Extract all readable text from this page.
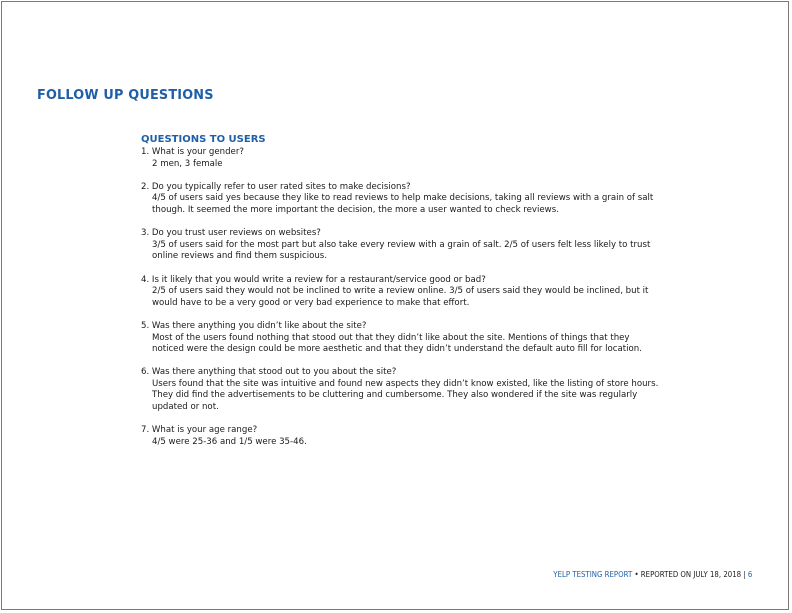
FOLLOW UP QUESTIONS
QUESTIONS TO USERS
1. What is your gender?
2 men, 3 female
2. Do you typically refer to user rated sites to make decisions?
4/5 of users said yes because they like to read reviews to help make decisions, taking all reviews with a grain of salt though. It seemed the more important the decision, the more a user wanted to check reviews.
3. Do you trust user reviews on websites?
3/5 of users said for the most part but also take every review with a grain of salt. 2/5 of users felt less likely to trust online reviews and find them suspicious.
4. Is it likely that you would write a review for a restaurant/service good or bad?
2/5 of users said they would not be inclined to write a review online. 3/5 of users said they would be inclined, but it would have to be a very good or very bad experience to make that effort.
5. Was there anything you didn’t like about the site?
Most of the users found nothing that stood out that they didn’t like about the site. Mentions of things that they noticed were the design could be more aesthetic and that they didn’t understand the default auto fill for location.
6. Was there anything that stood out to you about the site?
Users found that the site was intuitive and found new aspects they didn’t know existed, like the listing of store hours. They did find the advertisements to be cluttering and cumbersome. They also wondered if the site was regularly updated or not.
7. What is your age range?
4/5 were 25-36 and 1/5 were 35-46.
YELP TESTING REPORT • REPORTED ON JULY 18, 2018 | 6
